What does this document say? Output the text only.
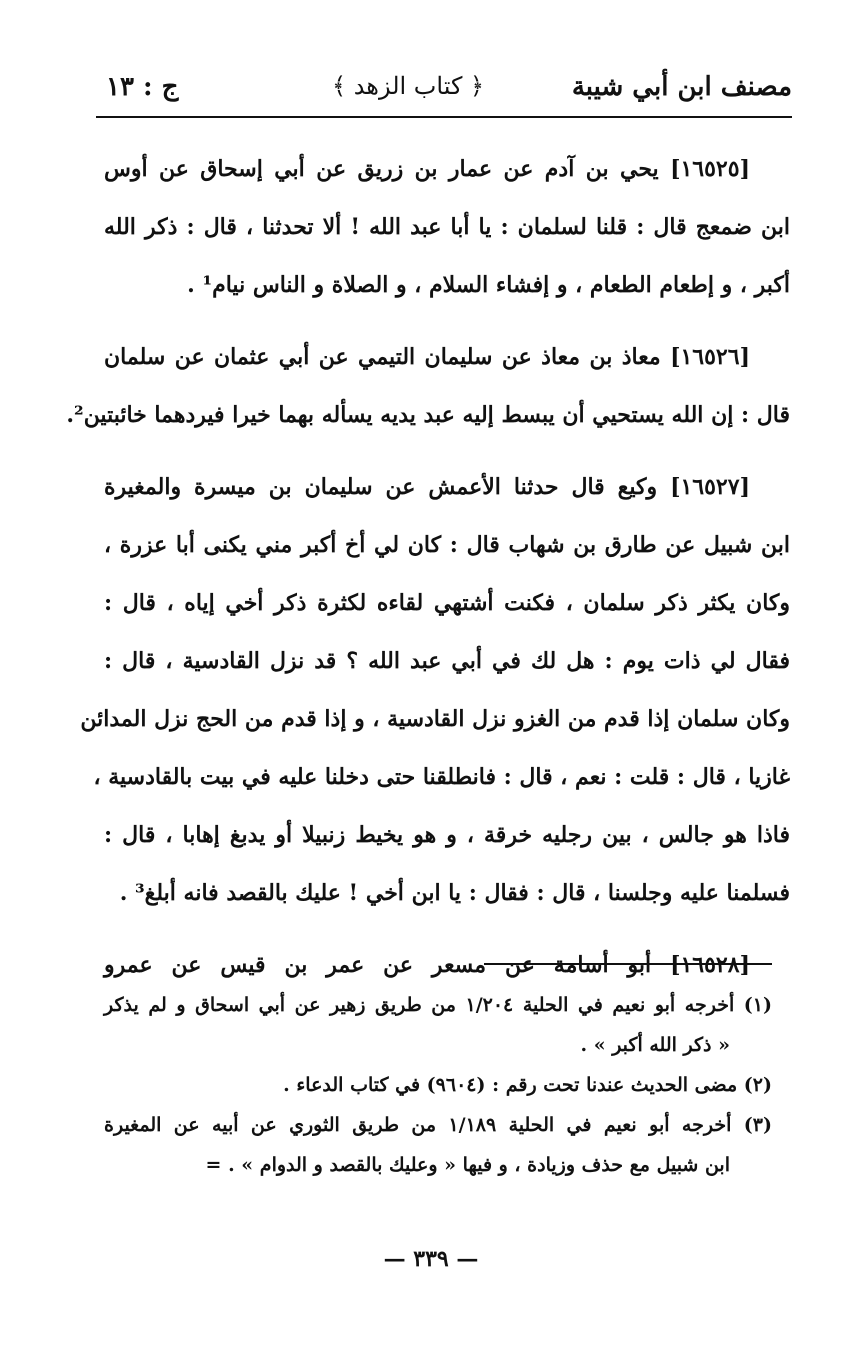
مصنف ابن أبي شيبة
﴿ كتاب الزهد ﴾
ج : ١٣
[١٦٥٢٥] يحي بن آدم عن عمار بن زريق عن أبي إسحاق عن أوس
ابن ضمعج قال : قلنا لسلمان : يا أبا عبد الله ! ألا تحدثنا ، قال : ذكر الله
أكبر ، و إطعام الطعام ، و إفشاء السلام ، و الصلاة و الناس نيام¹ .
[١٦٥٢٦] معاذ بن معاذ عن سليمان التيمي عن أبي عثمان عن سلمان
قال : إن الله يستحيي أن يبسط إليه عبد يديه يسأله بهما خيرا فيردهما خائبتين².
[١٦٥٢٧] وكيع قال حدثنا الأعمش عن سليمان بن ميسرة والمغيرة
ابن شبيل عن طارق بن شهاب قال : كان لي أخ أكبر مني يكنى أبا عزرة ،
وكان يكثر ذكر سلمان ، فكنت أشتهي لقاءه لكثرة ذكر أخي إياه ، قال :
فقال لي ذات يوم : هل لك في أبي عبد الله ؟ قد نزل القادسية ، قال :
وكان سلمان إذا قدم من الغزو نزل القادسية ، و إذا قدم من الحج نزل المدائن
غازيا ، قال : قلت : نعم ، قال : فانطلقنا حتى دخلنا عليه في بيت بالقادسية ،
فاذا هو جالس ، بين رجليه خرقة ، و هو يخيط زنبيلا أو يدبغ إهابا ، قال :
فسلمنا عليه وجلسنا ، قال : فقال : يا ابن أخي ! عليك بالقصد فانه أبلغ³ .
[١٦٥٢٨] أبو أسامة عن مسعر عن عمر بن قيس عن عمرو
(١) أخرجه أبو نعيم في الحلية ١/٢٠٤ من طريق زهير عن أبي اسحاق و لم يذكر
« ذكر الله أكبر » .
(٢) مضى الحديث عندنا تحت رقم : (٩٦٠٤) في كتاب الدعاء .
(٣) أخرجه أبو نعيم في الحلية ١/١٨٩ من طريق الثوري عن أبيه عن المغيرة
ابن شبيل مع حذف وزيادة ، و فيها « وعليك بالقصد و الدوام » . =
— ٣٣٩ —
